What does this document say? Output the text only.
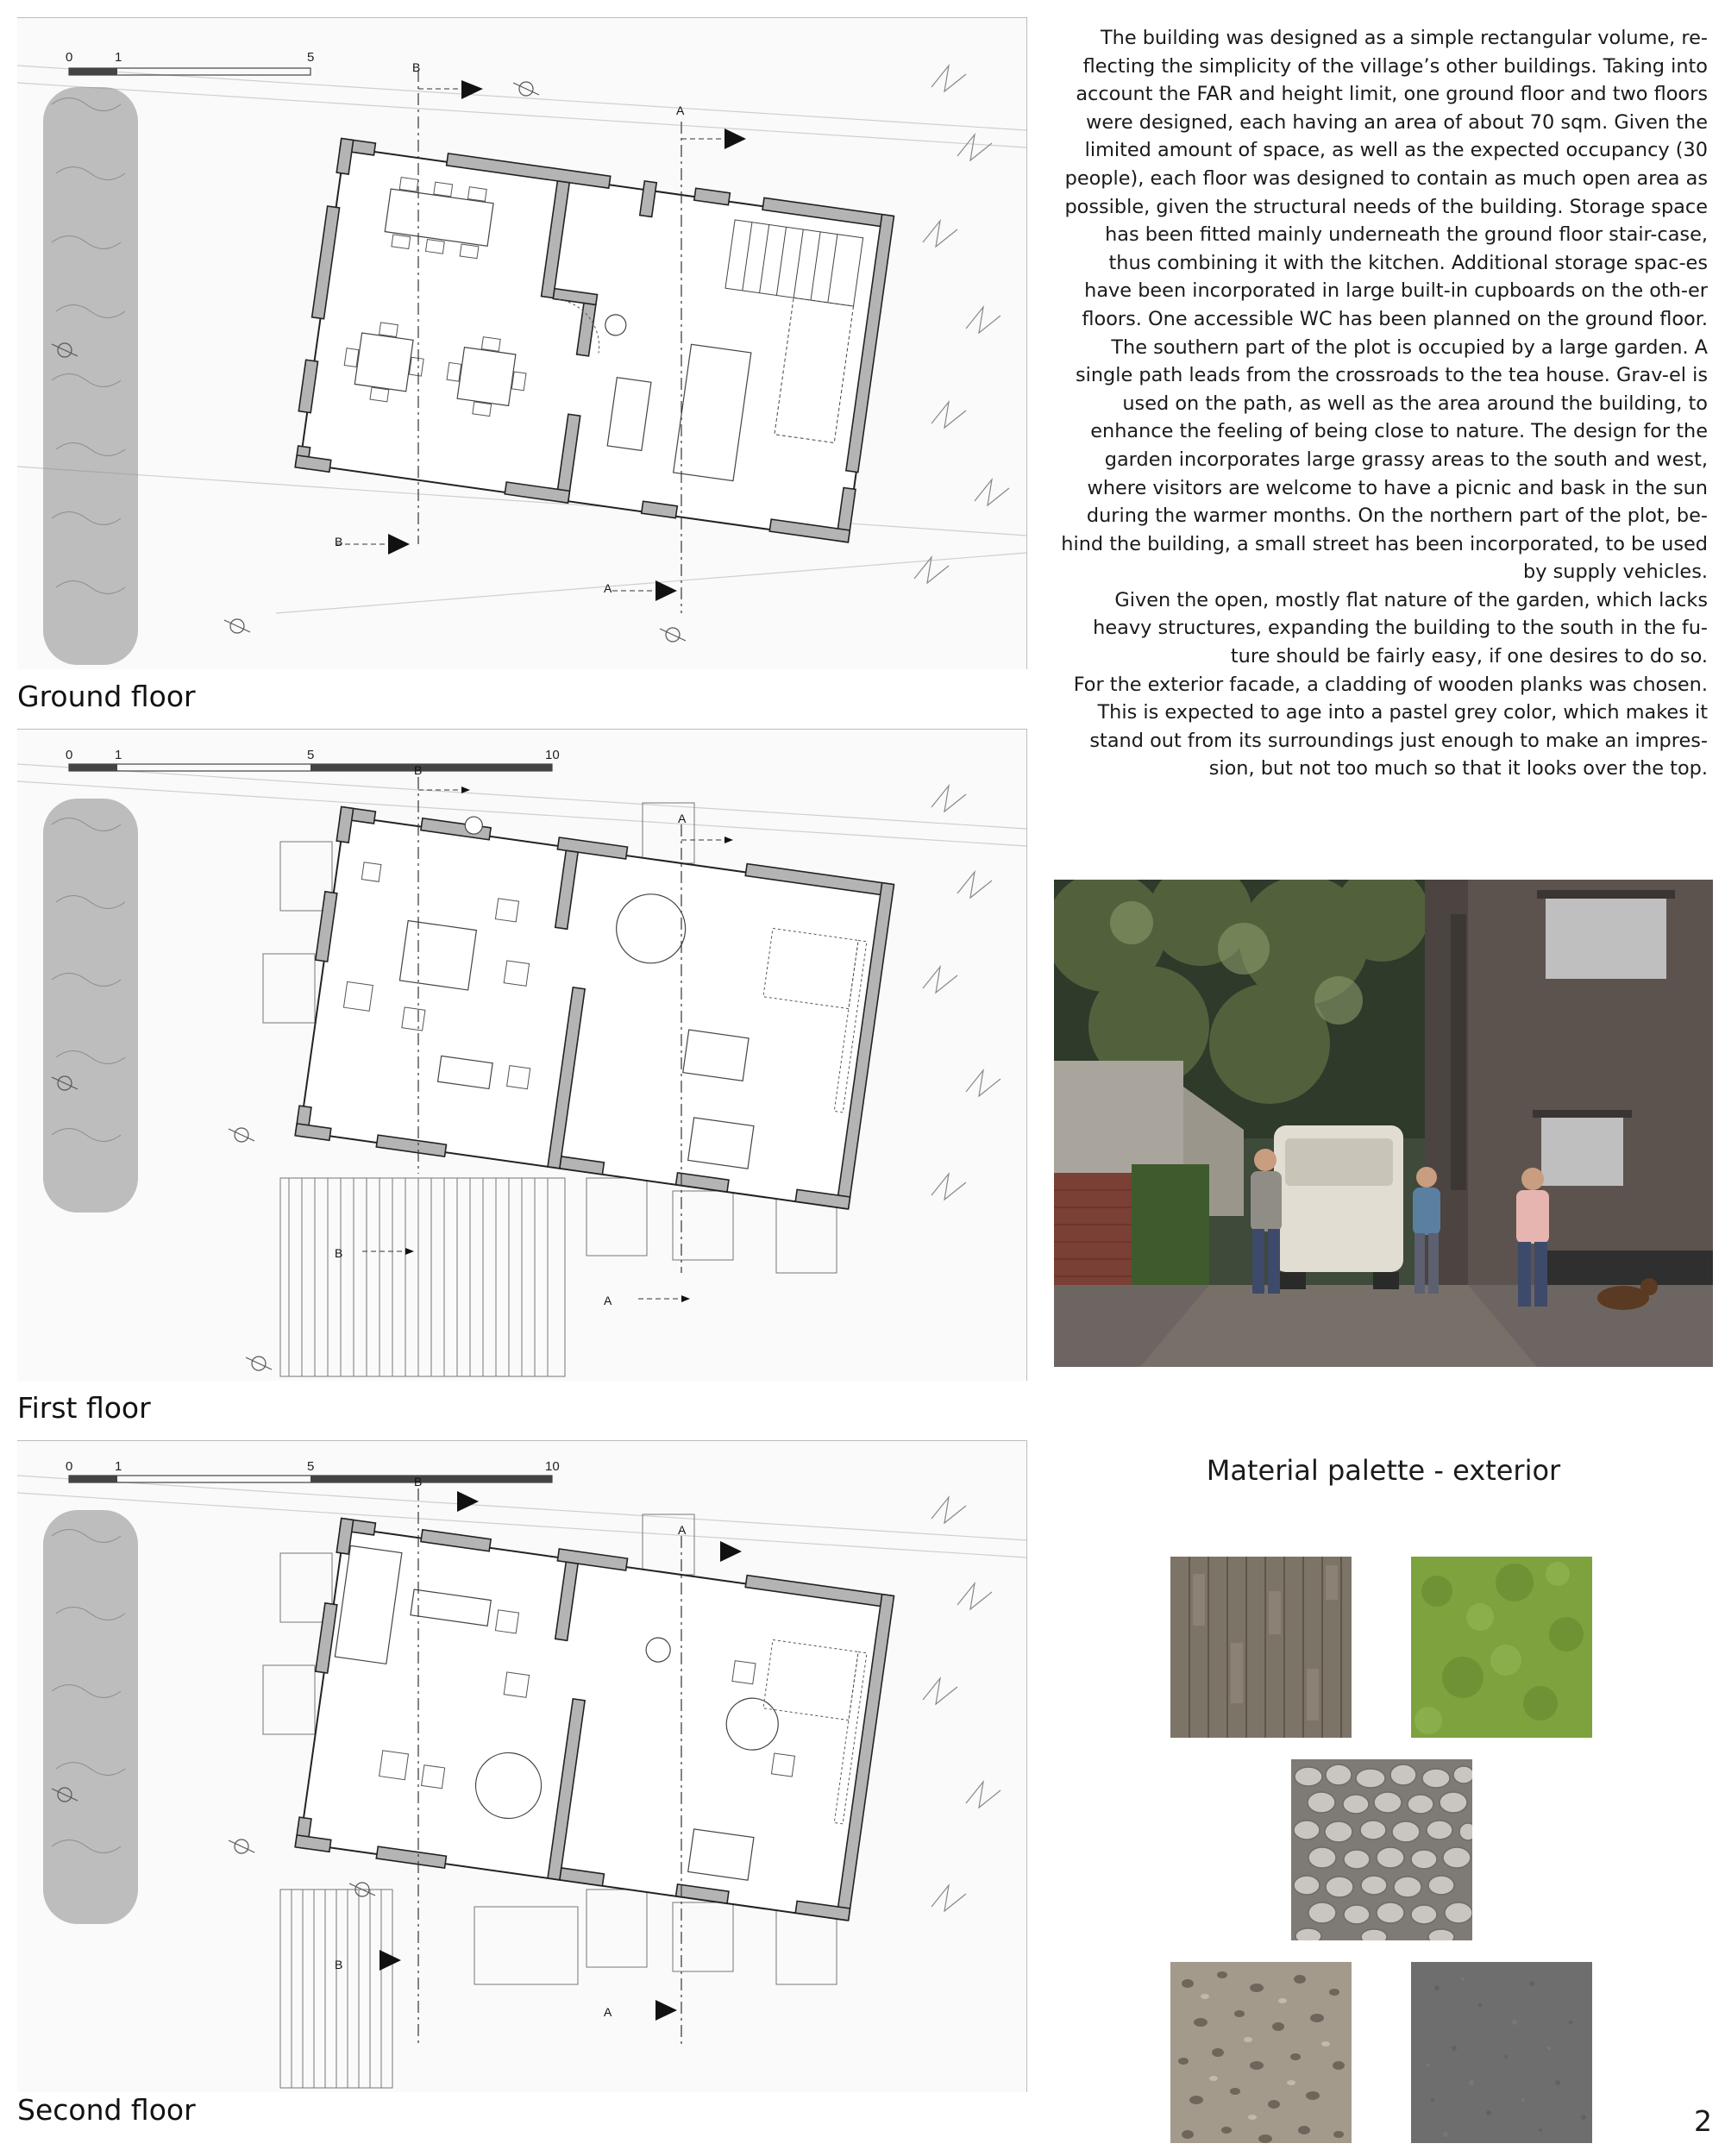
0	1	5
B
A
B
A
Ground floor
0	1	5	10
B
A
B
A
First floor
0	1	5	10
B
A
B
A
Second floor

The building was designed as a simple rectangular volume, re-flecting the simplicity of the village’s other buildings. Taking into account the FAR and height limit, one ground floor and two floors were designed, each having an area of about 70 sqm. Given the limited amount of space, as well as the expected occupancy (30 people), each floor was designed to contain as much open area as possible, given the structural needs of the building. Storage space has been fitted mainly underneath the ground floor stair-case, thus combining it with the kitchen. Additional storage spac-es have been incorporated in large built-in cupboards on the oth-er floors. One accessible WC has been planned on the ground floor.

The southern part of the plot is occupied by a large garden. A single path leads from the crossroads to the tea house. Grav-el is used on the path, as well as the area around the building, to enhance the feeling of being close to nature. The design for the garden incorporates large grassy areas to the south and west, where visitors are welcome to have a picnic and bask in the sun during the warmer months. On the northern part of the plot, be-hind the building, a small street has been incorporated, to be used by supply vehicles.

Given the open, mostly flat nature of the garden, which lacks heavy structures, expanding the building to the south in the fu-ture should be fairly easy, if one desires to do so.

For the exterior facade, a cladding of wooden planks was chosen. This is expected to age into a pastel grey color, which makes it stand out from its surroundings just enough to make an impres-sion, but not too much so that it looks over the top.

Material palette - exterior
2
